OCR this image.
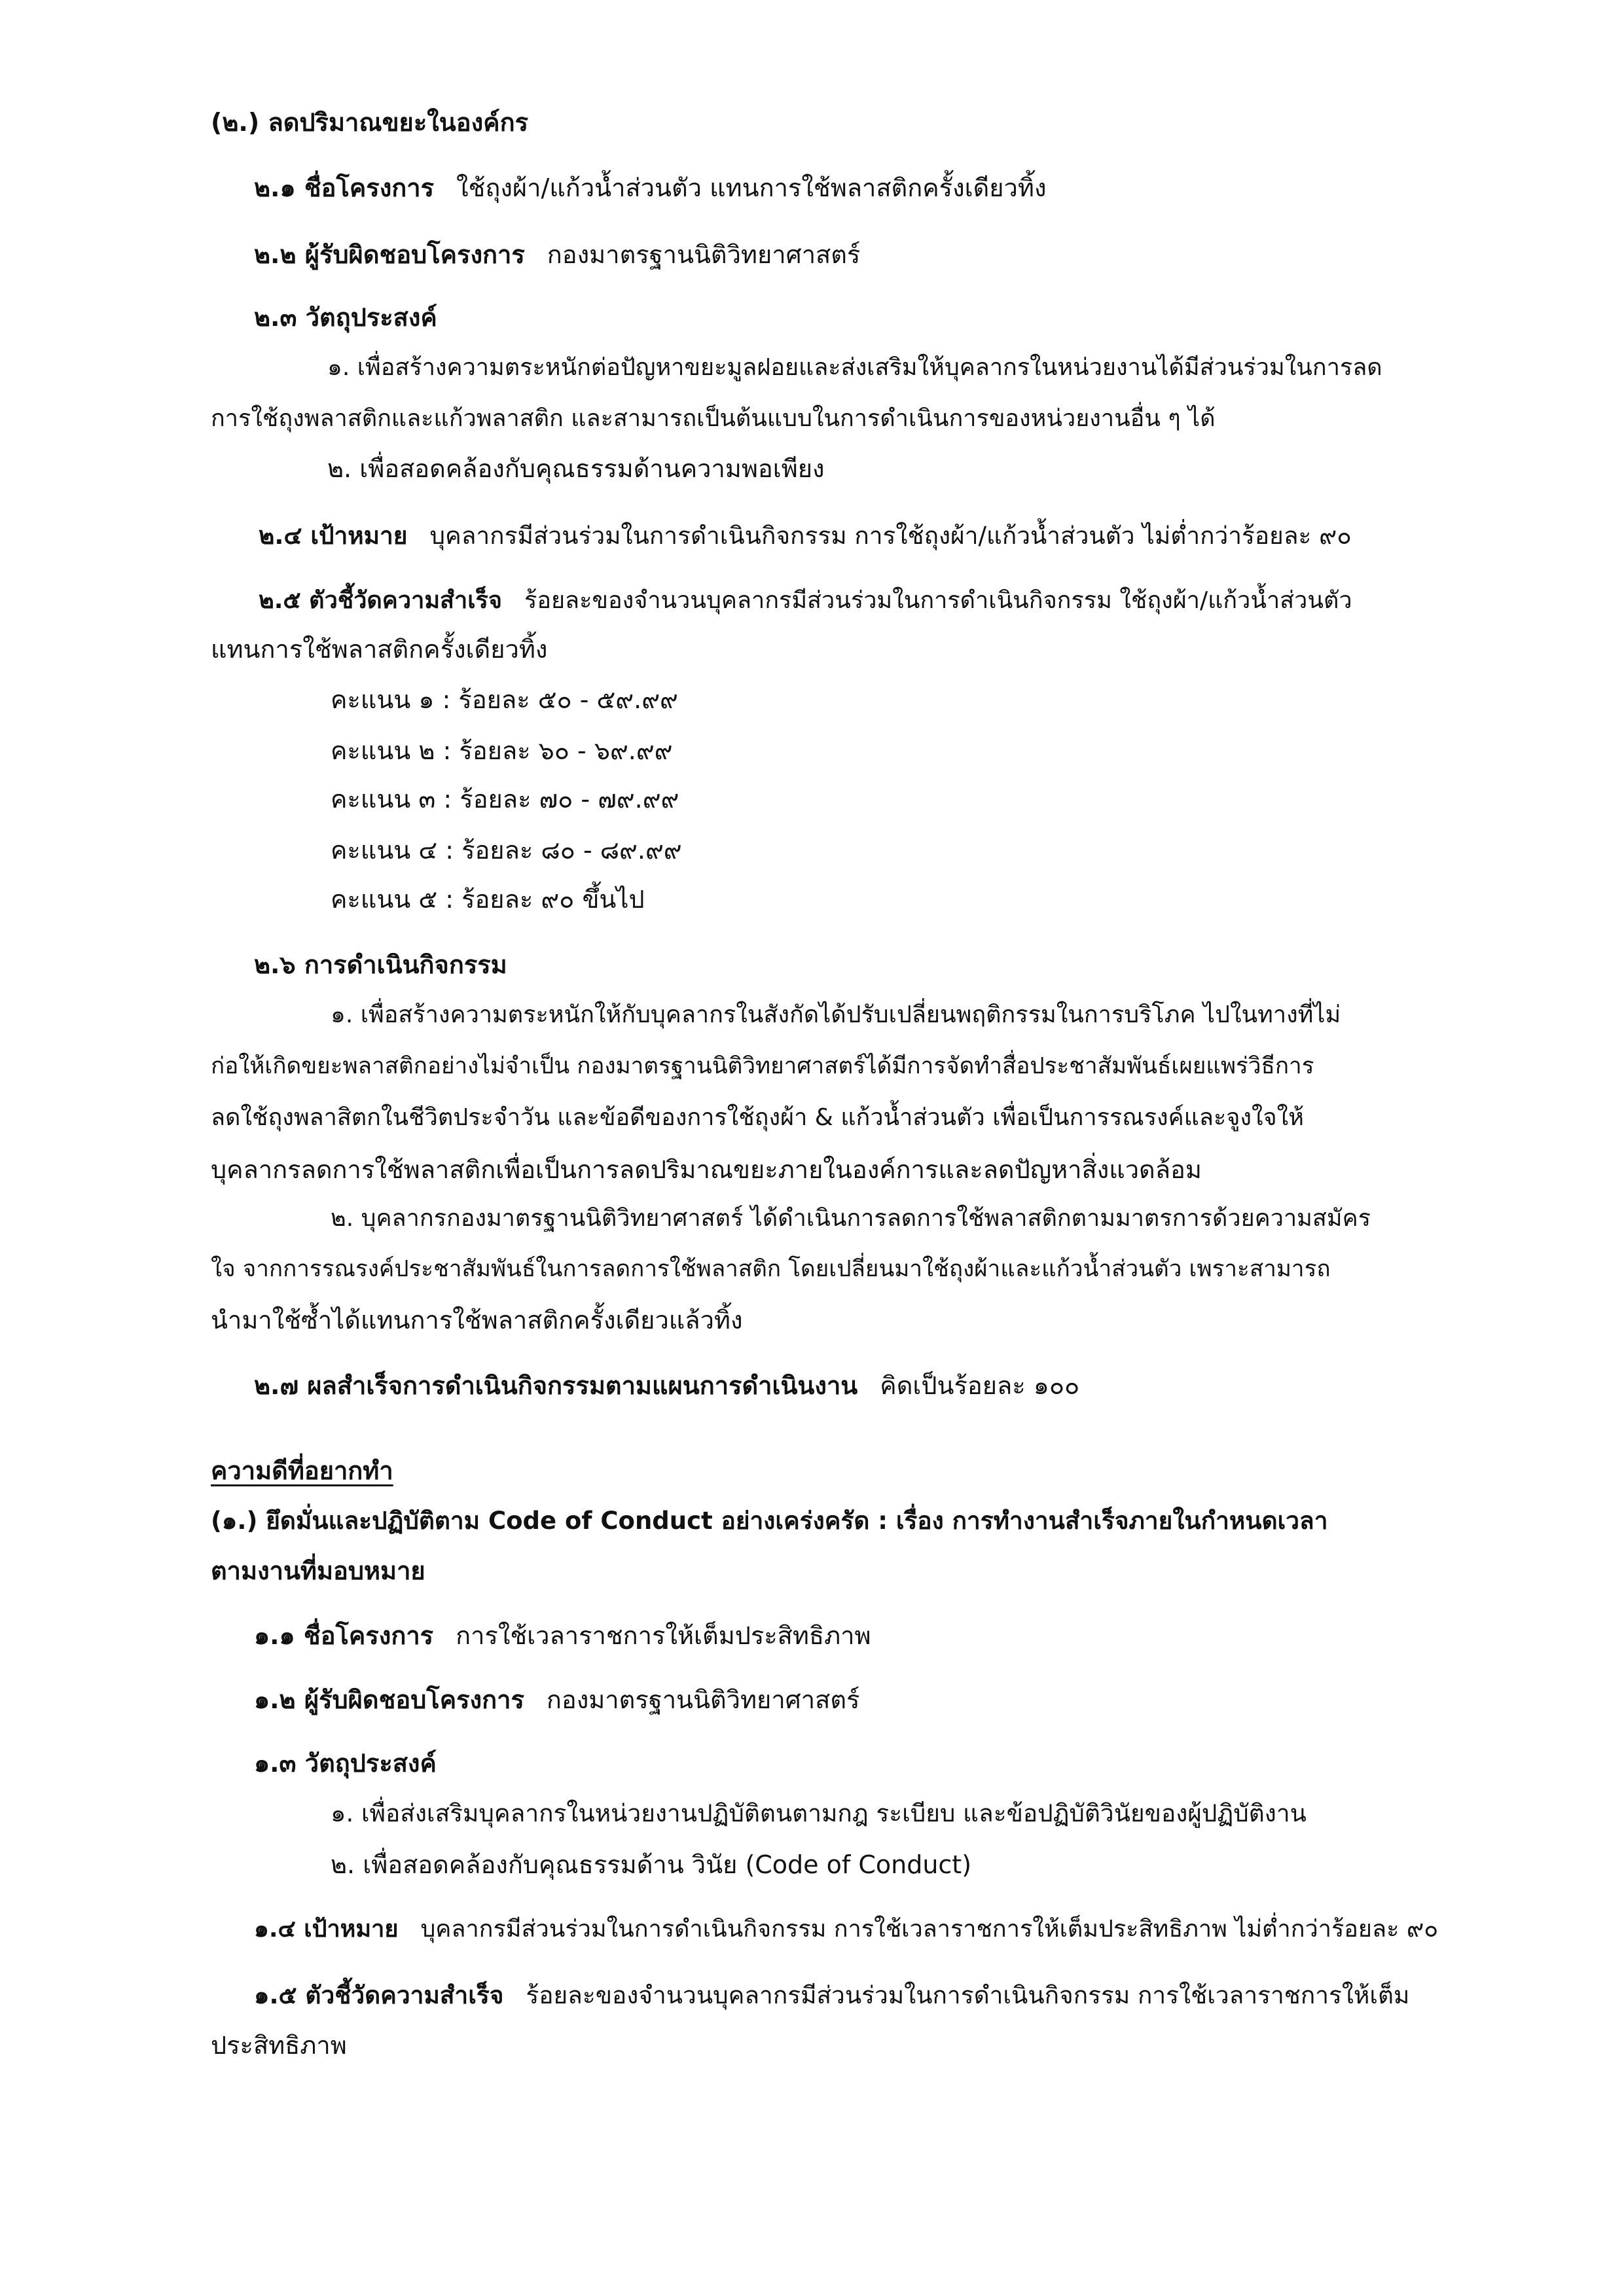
(๒.) ลดปริมาณขยะในองค์กร
๒.๑ ชื่อโครงการ ใช้ถุงผ้า/แก้วน้ำส่วนตัว แทนการใช้พลาสติกครั้งเดียวทิ้ง
๒.๒ ผู้รับผิดชอบโครงการ กองมาตรฐานนิติวิทยาศาสตร์
๒.๓ วัตถุประสงค์
๑. เพื่อสร้างความตระหนักต่อปัญหาขยะมูลฝอยและส่งเสริมให้บุคลากรในหน่วยงานได้มีส่วนร่วมในการลด
การใช้ถุงพลาสติกและแก้วพลาสติก และสามารถเป็นต้นแบบในการดำเนินการของหน่วยงานอื่น ๆ ได้
๒. เพื่อสอดคล้องกับคุณธรรมด้านความพอเพียง
๒.๔ เป้าหมาย บุคลากรมีส่วนร่วมในการดำเนินกิจกรรม การใช้ถุงผ้า/แก้วน้ำส่วนตัว ไม่ต่ำกว่าร้อยละ ๙๐
๒.๕ ตัวชี้วัดความสำเร็จ ร้อยละของจำนวนบุคลากรมีส่วนร่วมในการดำเนินกิจกรรม ใช้ถุงผ้า/แก้วน้ำส่วนตัว
แทนการใช้พลาสติกครั้งเดียวทิ้ง
คะแนน ๑ : ร้อยละ ๕๐ - ๕๙.๙๙
คะแนน ๒ : ร้อยละ ๖๐ - ๖๙.๙๙
คะแนน ๓ : ร้อยละ ๗๐ - ๗๙.๙๙
คะแนน ๔ : ร้อยละ ๘๐ - ๘๙.๙๙
คะแนน ๕ : ร้อยละ ๙๐ ขึ้นไป
๒.๖ การดำเนินกิจกรรม
๑. เพื่อสร้างความตระหนักให้กับบุคลากรในสังกัดได้ปรับเปลี่ยนพฤติกรรมในการบริโภค ไปในทางที่ไม่
ก่อให้เกิดขยะพลาสติกอย่างไม่จำเป็น กองมาตรฐานนิติวิทยาศาสตร์ได้มีการจัดทำสื่อประชาสัมพันธ์เผยแพร่วิธีการ
ลดใช้ถุงพลาสิตกในชีวิตประจำวัน และข้อดีของการใช้ถุงผ้า & แก้วน้ำส่วนตัว เพื่อเป็นการรณรงค์และจูงใจให้
บุคลากรลดการใช้พลาสติกเพื่อเป็นการลดปริมาณขยะภายในองค์การและลดปัญหาสิ่งแวดล้อม
๒. บุคลากรกองมาตรฐานนิติวิทยาศาสตร์ ได้ดำเนินการลดการใช้พลาสติกตามมาตรการด้วยความสมัคร
ใจ จากการรณรงค์ประชาสัมพันธ์ในการลดการใช้พลาสติก โดยเปลี่ยนมาใช้ถุงผ้าและแก้วน้ำส่วนตัว เพราะสามารถ
นำมาใช้ซ้ำได้แทนการใช้พลาสติกครั้งเดียวแล้วทิ้ง
๒.๗ ผลสำเร็จการดำเนินกิจกรรมตามแผนการดำเนินงาน คิดเป็นร้อยละ ๑๐๐
ความดีที่อยากทำ
(๑.) ยึดมั่นและปฏิบัติตาม Code of Conduct อย่างเคร่งครัด : เรื่อง การทำงานสำเร็จภายในกำหนดเวลา
ตามงานที่มอบหมาย
๑.๑ ชื่อโครงการ การใช้เวลาราชการให้เต็มประสิทธิภาพ
๑.๒ ผู้รับผิดชอบโครงการ กองมาตรฐานนิติวิทยาศาสตร์
๑.๓ วัตถุประสงค์
๑. เพื่อส่งเสริมบุคลากรในหน่วยงานปฏิบัติตนตามกฎ ระเบียบ และข้อปฏิบัติวินัยของผู้ปฏิบัติงาน
๒. เพื่อสอดคล้องกับคุณธรรมด้าน วินัย (Code of Conduct)
๑.๔ เป้าหมาย บุคลากรมีส่วนร่วมในการดำเนินกิจกรรม การใช้เวลาราชการให้เต็มประสิทธิภาพ ไม่ต่ำกว่าร้อยละ ๙๐
๑.๕ ตัวชี้วัดความสำเร็จ ร้อยละของจำนวนบุคลากรมีส่วนร่วมในการดำเนินกิจกรรม การใช้เวลาราชการให้เต็ม
ประสิทธิภาพ
